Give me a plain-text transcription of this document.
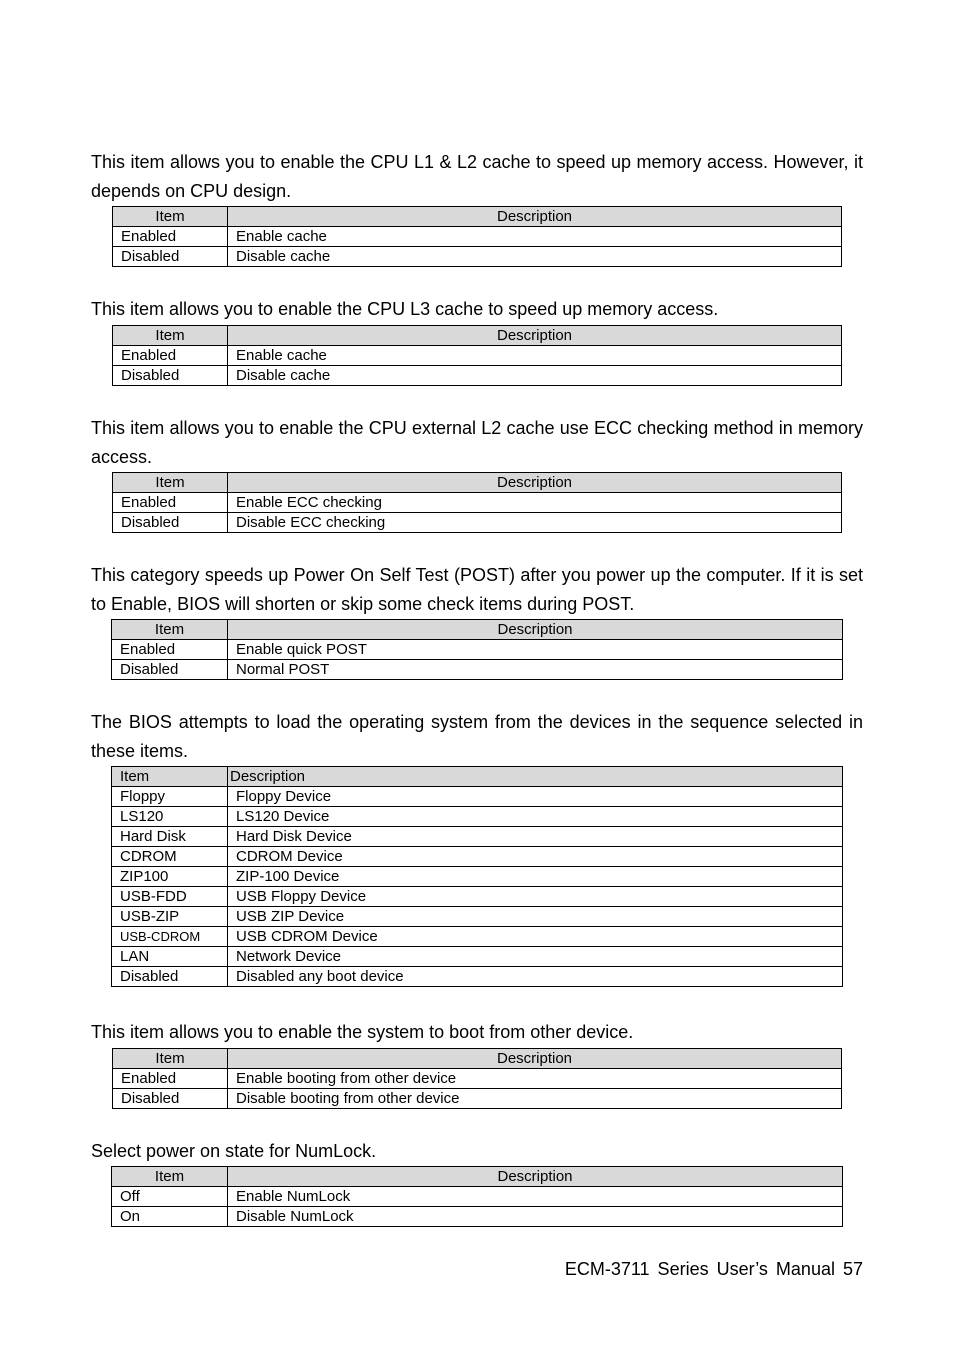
This item allows you to enable the CPU L1 & L2 cache to speed up memory access. However, it depends on CPU design.

Item	Description
Enabled	Enable cache
Disabled	Disable cache

This item allows you to enable the CPU L3 cache to speed up memory access.

Item	Description
Enabled	Enable cache
Disabled	Disable cache

This item allows you to enable the CPU external L2 cache use ECC checking method in memory access.

Item	Description
Enabled	Enable ECC checking
Disabled	Disable ECC checking

This category speeds up Power On Self Test (POST) after you power up the computer. If it is set to Enable, BIOS will shorten or skip some check items during POST.

Item	Description
Enabled	Enable quick POST
Disabled	Normal POST

The BIOS attempts to load the operating system from the devices in the sequence selected in these items.

Item	Description
Floppy	Floppy Device
LS120	LS120 Device
Hard Disk	Hard Disk Device
CDROM	CDROM Device
ZIP100	ZIP-100 Device
USB-FDD	USB Floppy Device
USB-ZIP	USB ZIP Device
USB-CDROM	USB CDROM Device
LAN	Network Device
Disabled	Disabled any boot device

This item allows you to enable the system to boot from other device.

Item	Description
Enabled	Enable booting from other device
Disabled	Disable booting from other device

Select power on state for NumLock.

Item	Description
Off	Enable NumLock
On	Disable NumLock
ECM-3711 Series User’s Manual 57
